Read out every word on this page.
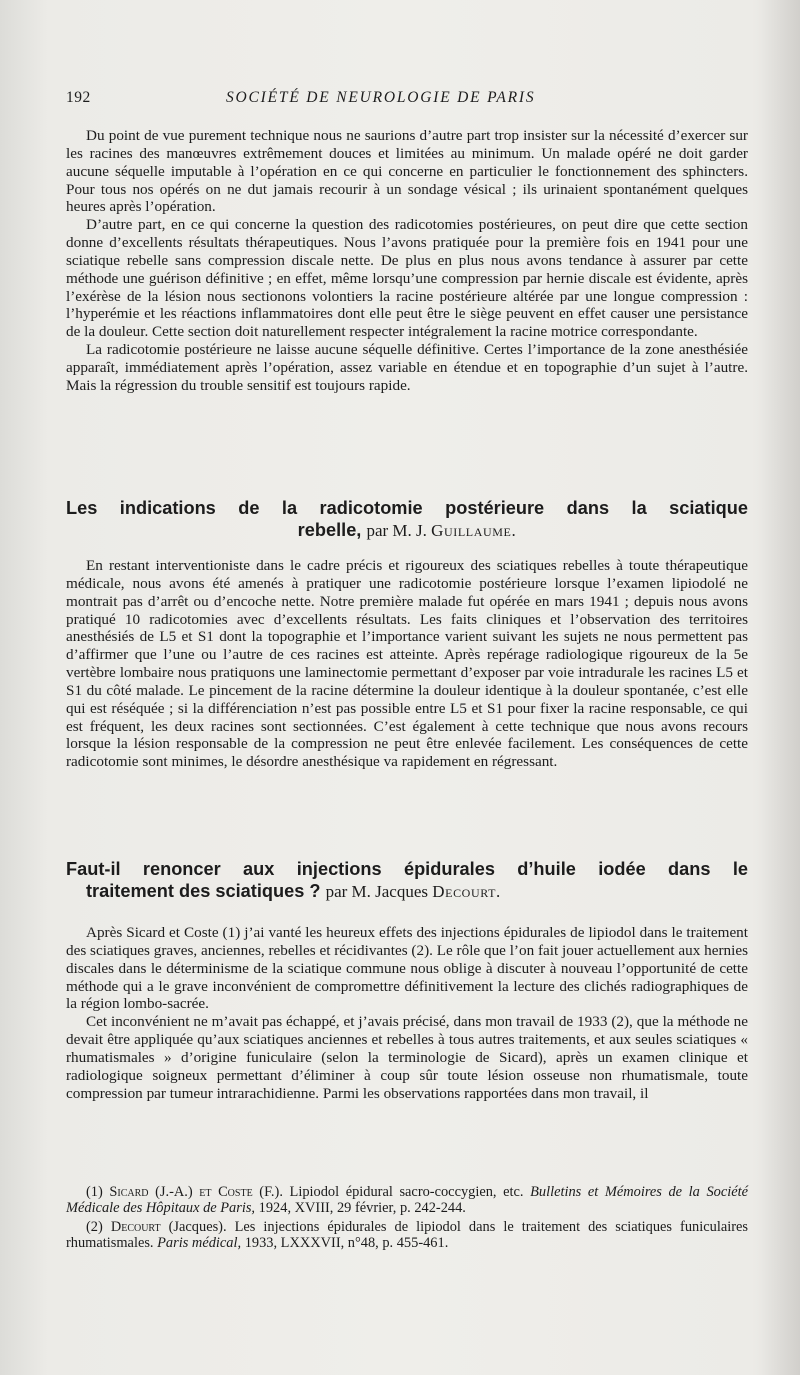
192	SOCIÉTÉ DE NEUROLOGIE DE PARIS

Du point de vue purement technique nous ne saurions d’autre part trop insister sur la nécessité d’exercer sur les racines des manœuvres extrêmement douces et limitées au minimum. Un malade opéré ne doit garder aucune séquelle imputable à l’opération en ce qui concerne en particulier le fonctionnement des sphincters. Pour tous nos opérés on ne dut jamais recourir à un sondage vésical ; ils urinaient spontanément quelques heures après l’opération.

D’autre part, en ce qui concerne la question des radicotomies postérieures, on peut dire que cette section donne d’excellents résultats thérapeutiques. Nous l’avons pratiquée pour la première fois en 1941 pour une sciatique rebelle sans compression discale nette. De plus en plus nous avons tendance à assurer par cette méthode une guérison définitive ; en effet, même lorsqu’une compression par hernie discale est évidente, après l’exérèse de la lésion nous sectionons volontiers la racine postérieure altérée par une longue compression : l’hyperémie et les réactions inflammatoires dont elle peut être le siège peuvent en effet causer une persistance de la douleur. Cette section doit naturellement respecter intégralement la racine motrice correspondante.

La radicotomie postérieure ne laisse aucune séquelle définitive. Certes l’importance de la zone anesthésiée apparaît, immédiatement après l’opération, assez variable en étendue et en topographie d’un sujet à l’autre. Mais la régression du trouble sensitif est toujours rapide.

Les indications de la radicotomie postérieure dans la sciatique
rebelle, par M. J. Guillaume.

En restant interventioniste dans le cadre précis et rigoureux des sciatiques rebelles à toute thérapeutique médicale, nous avons été amenés à pratiquer une radicotomie postérieure lorsque l’examen lipiodolé ne montrait pas d’arrêt ou d’encoche nette. Notre première malade fut opérée en mars 1941 ; depuis nous avons pratiqué 10 radicotomies avec d’excellents résultats. Les faits cliniques et l’observation des territoires anesthésiés de L5 et S1 dont la topographie et l’importance varient suivant les sujets ne nous permettent pas d’affirmer que l’une ou l’autre de ces racines est atteinte. Après repérage radiologique rigoureux de la 5e vertèbre lombaire nous pratiquons une laminectomie permettant d’exposer par voie intradurale les racines L5 et S1 du côté malade. Le pincement de la racine détermine la douleur identique à la douleur spontanée, c’est elle qui est réséquée ; si la différenciation n’est pas possible entre L5 et S1 pour fixer la racine responsable, ce qui est fréquent, les deux racines sont sectionnées. C’est également à cette technique que nous avons recours lorsque la lésion responsable de la compression ne peut être enlevée facilement. Les conséquences de cette radicotomie sont minimes, le désordre anesthésique va rapidement en régressant.

Faut-il renoncer aux injections épidurales d’huile iodée dans le
traitement des sciatiques ? par M. Jacques Decourt.

Après Sicard et Coste (1) j’ai vanté les heureux effets des injections épidurales de lipiodol dans le traitement des sciatiques graves, anciennes, rebelles et récidivantes (2). Le rôle que l’on fait jouer actuellement aux hernies discales dans le déterminisme de la sciatique commune nous oblige à discuter à nouveau l’opportunité de cette méthode qui a le grave inconvénient de compromettre définitivement la lecture des clichés radiographiques de la région lombo-sacrée.

Cet inconvénient ne m’avait pas échappé, et j’avais précisé, dans mon travail de 1933 (2), que la méthode ne devait être appliquée qu’aux sciatiques anciennes et rebelles à tous autres traitements, et aux seules sciatiques « rhumatismales » d’origine funiculaire (selon la terminologie de Sicard), après un examen clinique et radiologique soigneux permettant d’éliminer à coup sûr toute lésion osseuse non rhumatismale, toute compression par tumeur intrarachidienne. Parmi les observations rapportées dans mon travail, il

(1) Sicard (J.-A.) et Coste (F.). Lipiodol épidural sacro-coccygien, etc. Bulletins et Mémoires de la Société Médicale des Hôpitaux de Paris, 1924, XVIII, 29 février, p. 242-244.

(2) Decourt (Jacques). Les injections épidurales de lipiodol dans le traitement des sciatiques funiculaires rhumatismales. Paris médical, 1933, LXXXVII, n°48, p. 455-461.
